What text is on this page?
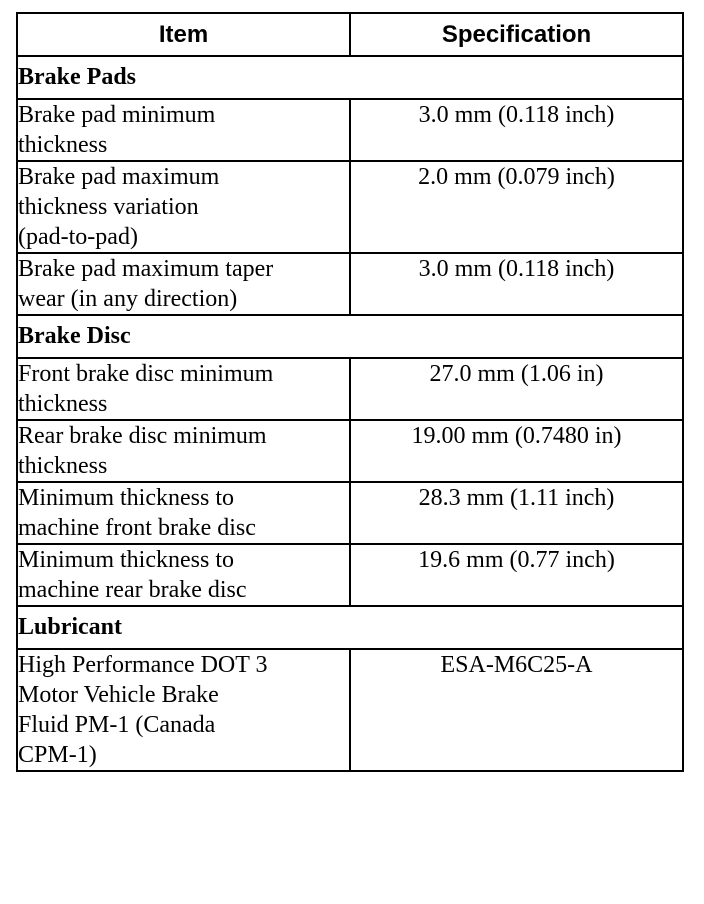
Item	Specification
Brake Pads	
Brake pad minimum
thickness	3.0 mm (0.118 inch)
Brake pad maximum
thickness variation
(pad-to-pad)	2.0 mm (0.079 inch)
Brake pad maximum taper
wear (in any direction)	3.0 mm (0.118 inch)
Brake Disc	
Front brake disc minimum
thickness	27.0 mm (1.06 in)
Rear brake disc minimum
thickness	19.00 mm (0.7480 in)
Minimum thickness to
machine front brake disc	28.3 mm (1.11 inch)
Minimum thickness to
machine rear brake disc	19.6 mm (0.77 inch)
Lubricant	
High Performance DOT 3
Motor Vehicle Brake
Fluid PM-1 (Canada
CPM-1)	ESA-M6C25-A
